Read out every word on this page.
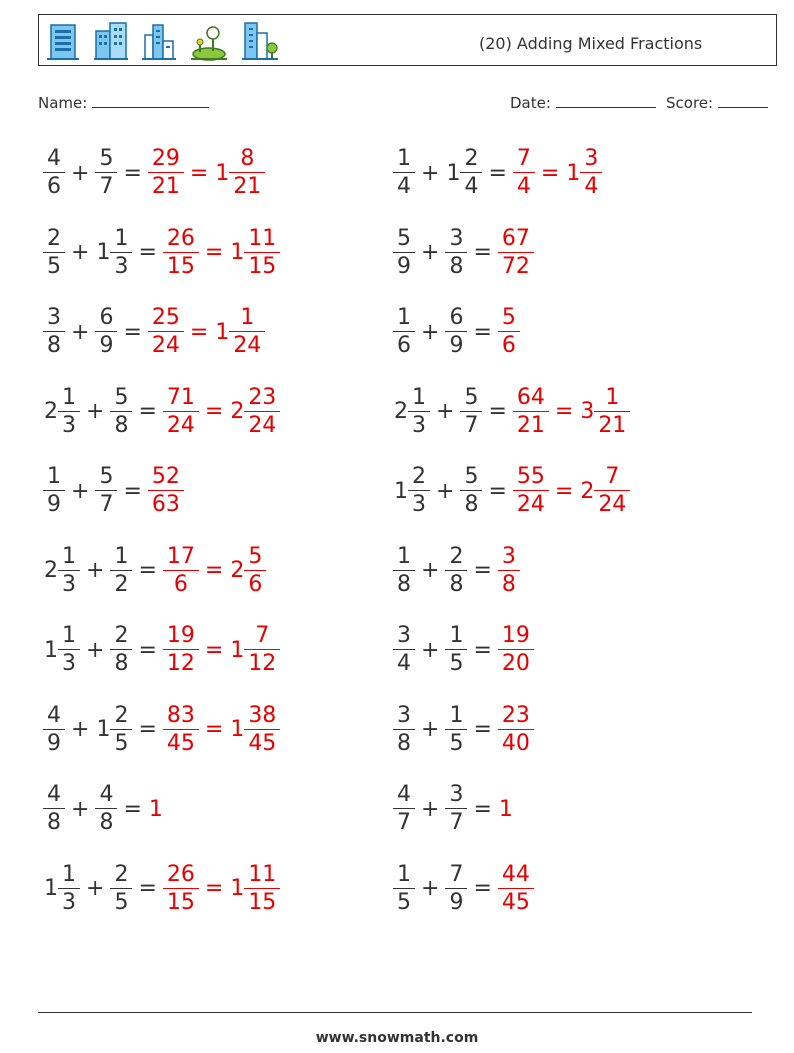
(20) Adding Mixed Fractions
Name:	Date:	Score:
$\frac{4}{6} + \frac{5}{7} = \frac{29}{21} = 1 \frac{8}{21}$	$\frac{1}{4} + 1 \frac{2}{4} = \frac{7}{4} = 1 \frac{3}{4}$
$\frac{2}{5} + 1 \frac{1}{3} = \frac{26}{15} = 1 \frac{11}{15}$	$\frac{5}{9} + \frac{3}{8} = \frac{67}{72}$
$\frac{3}{8} + \frac{6}{9} = \frac{25}{24} = 1 \frac{1}{24}$	$\frac{1}{6} + \frac{6}{9} = \frac{5}{6}$
$2 \frac{1}{3} + \frac{5}{8} = \frac{71}{24} = 2 \frac{23}{24}$	$2 \frac{1}{3} + \frac{5}{7} = \frac{64}{21} = 3 \frac{1}{21}$
$\frac{1}{9} + \frac{5}{7} = \frac{52}{63}$	$1 \frac{2}{3} + \frac{5}{8} = \frac{55}{24} = 2 \frac{7}{24}$
$2 \frac{1}{3} + \frac{1}{2} = \frac{17}{6} = 2 \frac{5}{6}$	$\frac{1}{8} + \frac{2}{8} = \frac{3}{8}$
$1 \frac{1}{3} + \frac{2}{8} = \frac{19}{12} = 1 \frac{7}{12}$	$\frac{3}{4} + \frac{1}{5} = \frac{19}{20}$
$\frac{4}{9} + 1 \frac{2}{5} = \frac{83}{45} = 1 \frac{38}{45}$	$\frac{3}{8} + \frac{1}{5} = \frac{23}{40}$
$\frac{4}{8} + \frac{4}{8} = 1$	$\frac{4}{7} + \frac{3}{7} = 1$
$1 \frac{1}{3} + \frac{2}{5} = \frac{26}{15} = 1 \frac{11}{15}$	$\frac{1}{5} + \frac{7}{9} = \frac{44}{45}$
www.snowmath.com
